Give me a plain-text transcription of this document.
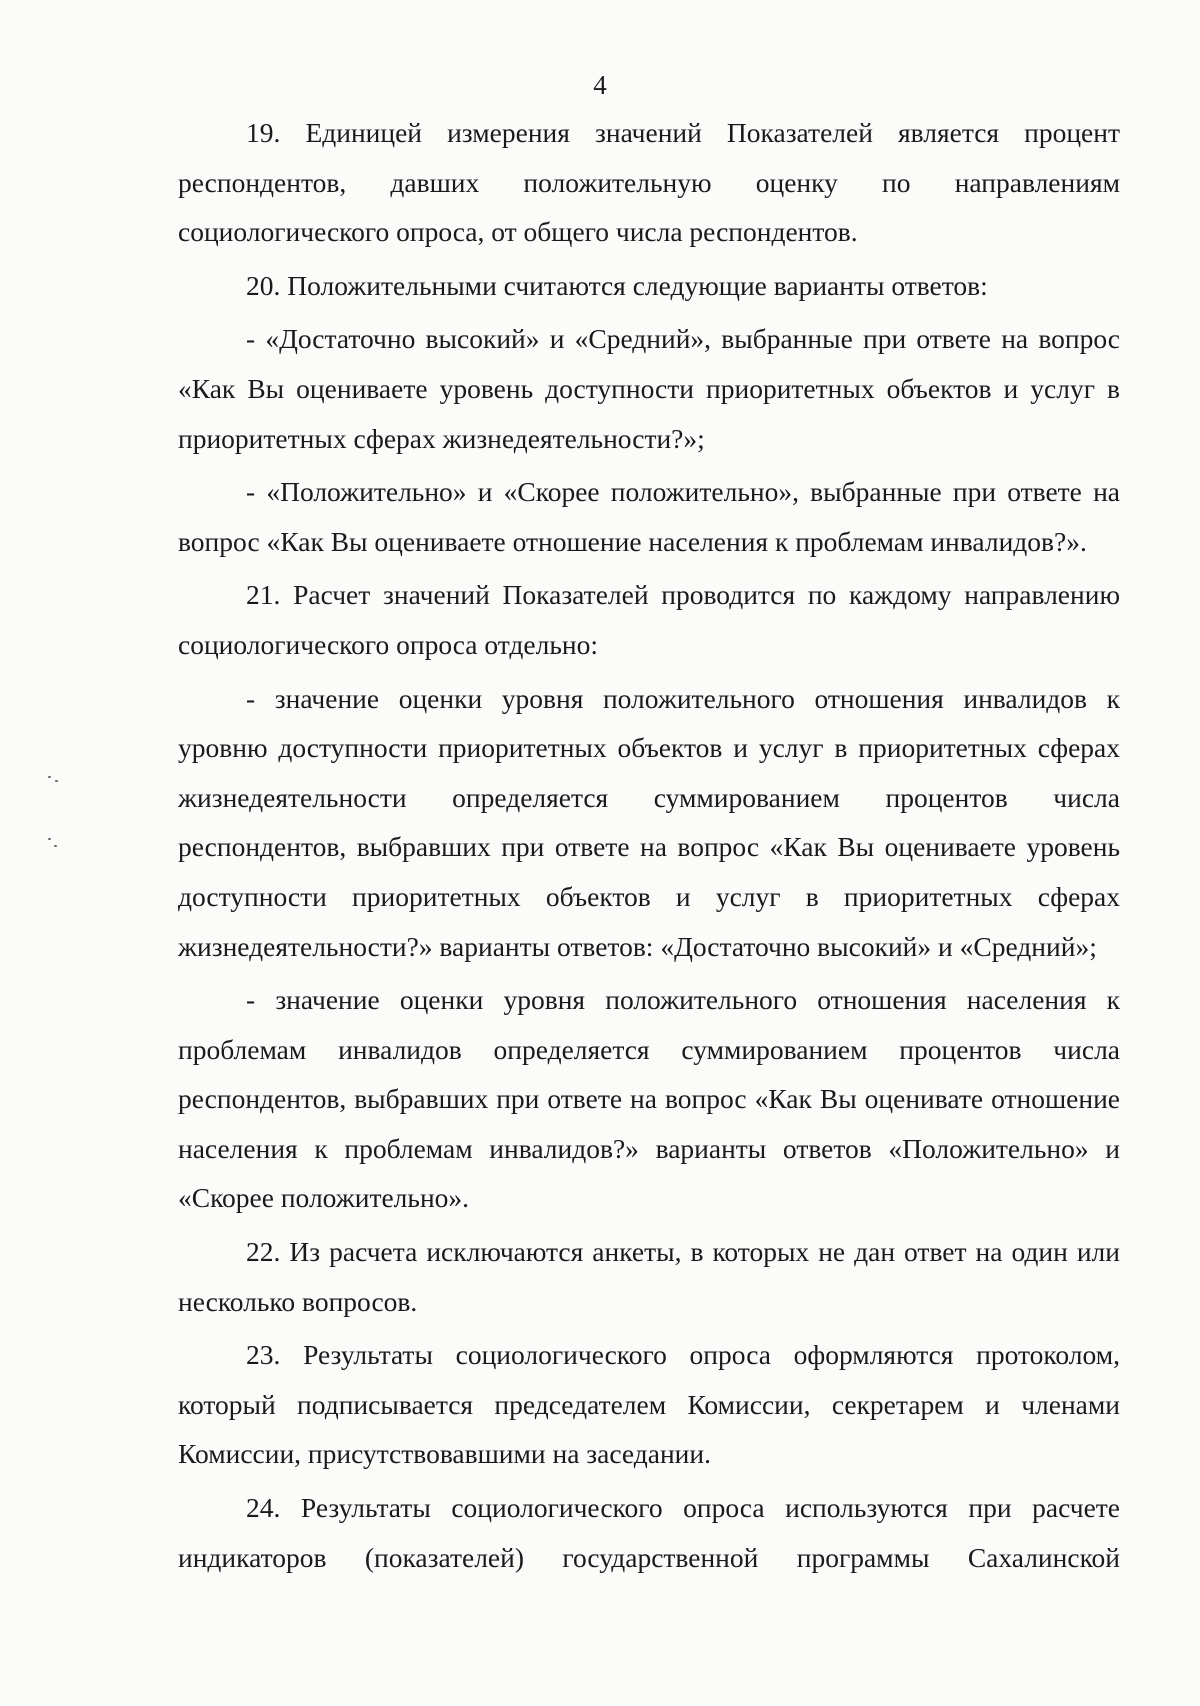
4

19. Единицей измерения значений Показателей является процент респондентов, давших положительную оценку по направлениям социологического опроса, от общего числа респондентов.

20. Положительными считаются следующие варианты ответов:

- «Достаточно высокий» и «Средний», выбранные при ответе на вопрос «Как Вы оцениваете уровень доступности приоритетных объектов и услуг в приоритетных сферах жизнедеятельности?»;

- «Положительно» и «Скорее положительно», выбранные при ответе на вопрос «Как Вы оцениваете отношение населения к проблемам инвалидов?».

21. Расчет значений Показателей проводится по каждому направлению социологического опроса отдельно:

- значение оценки уровня положительного отношения инвалидов к уровню доступности приоритетных объектов и услуг в приоритетных сферах жизнедеятельности определяется суммированием процентов числа респондентов, выбравших при ответе на вопрос «Как Вы оцениваете уровень доступности приоритетных объектов и услуг в приоритетных сферах жизнедеятельности?» варианты ответов: «Достаточно высокий» и «Средний»;

- значение оценки уровня положительного отношения населения к проблемам инвалидов определяется суммированием процентов числа респондентов, выбравших при ответе на вопрос «Как Вы оценивате отношение населения к проблемам инвалидов?» варианты ответов «Положительно» и «Скорее положительно».

22. Из расчета исключаются анкеты, в которых не дан ответ на один или несколько вопросов.

23. Результаты социологического опроса оформляются протоколом, который подписывается председателем Комиссии, секретарем и членами Комиссии, присутствовавшими на заседании.

24. Результаты социологического опроса используются при расчете индикаторов (показателей) государственной программы Сахалинской
